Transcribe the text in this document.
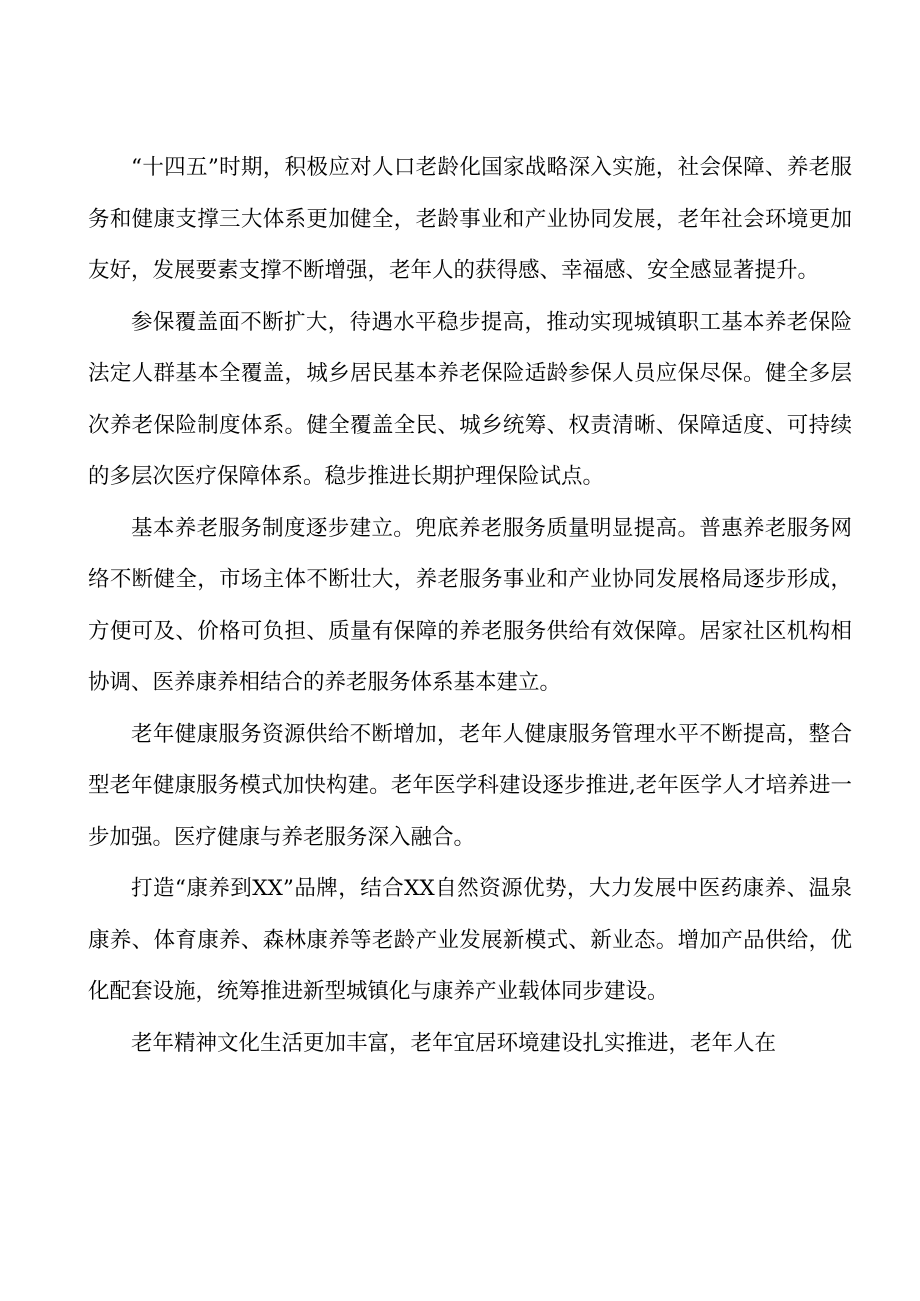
“十四五”时期，积极应对人口老龄化国家战略深入实施，社会保障、养老服务和健康支撑三大体系更加健全，老龄事业和产业协同发展，老年社会环境更加友好，发展要素支撑不断增强，老年人的获得感、幸福感、安全感显著提升。

参保覆盖面不断扩大，待遇水平稳步提高，推动实现城镇职工基本养老保险法定人群基本全覆盖，城乡居民基本养老保险适龄参保人员应保尽保。健全多层次养老保险制度体系。健全覆盖全民、城乡统筹、权责清晰、保障适度、可持续的多层次医疗保障体系。稳步推进长期护理保险试点。

基本养老服务制度逐步建立。兜底养老服务质量明显提高。普惠养老服务网络不断健全，市场主体不断壮大，养老服务事业和产业协同发展格局逐步形成，方便可及、价格可负担、质量有保障的养老服务供给有效保障。居家社区机构相协调、医养康养相结合的养老服务体系基本建立。

老年健康服务资源供给不断增加，老年人健康服务管理水平不断提高，整合型老年健康服务模式加快构建。老年医学科建设逐步推进,老年医学人才培养进一步加强。医疗健康与养老服务深入融合。

打造“康养到XX”品牌，结合XX自然资源优势，大力发展中医药康养、温泉康养、体育康养、森林康养等老龄产业发展新模式、新业态。增加产品供给，优化配套设施，统筹推进新型城镇化与康养产业载体同步建设。

老年精神文化生活更加丰富，老年宜居环境建设扎实推进，老年人在
